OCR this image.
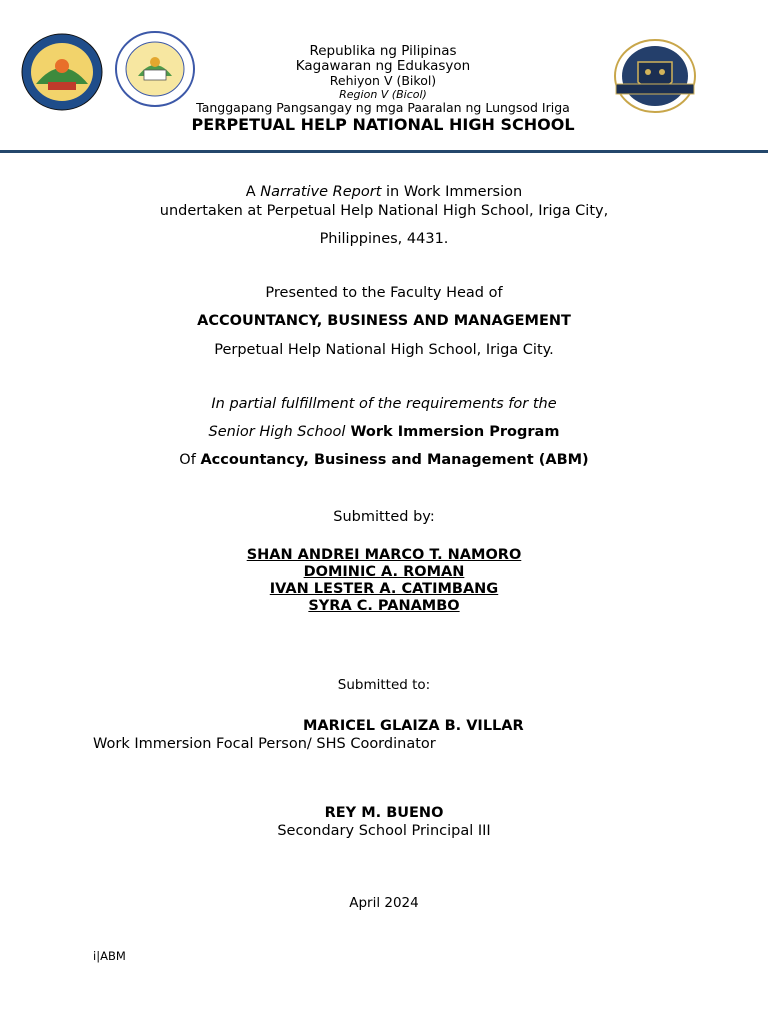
Republika ng Pilipinas
Kagawaran ng Edukasyon
Rehiyon V (Bikol)
Region V (Bicol)
Tanggapang Pangsangay ng mga Paaralan ng Lungsod Iriga
PERPETUAL HELP NATIONAL HIGH SCHOOL
A Narrative Report in Work Immersion
undertaken at Perpetual Help National High School, Iriga City,
Philippines, 4431.
Presented to the Faculty Head of
ACCOUNTANCY, BUSINESS AND MANAGEMENT
Perpetual Help National High School, Iriga City.
In partial fulfillment of the requirements for the
Senior High School Work Immersion Program
Of Accountancy, Business and Management (ABM)
Submitted by:
SHAN ANDREI MARCO T. NAMORO
DOMINIC A. ROMAN
IVAN LESTER A. CATIMBANG
SYRA C. PANAMBO
Submitted to:
MARICEL GLAIZA B. VILLAR
Work Immersion Focal Person/ SHS Coordinator
REY M. BUENO
Secondary School Principal III
April 2024
i|ABM
